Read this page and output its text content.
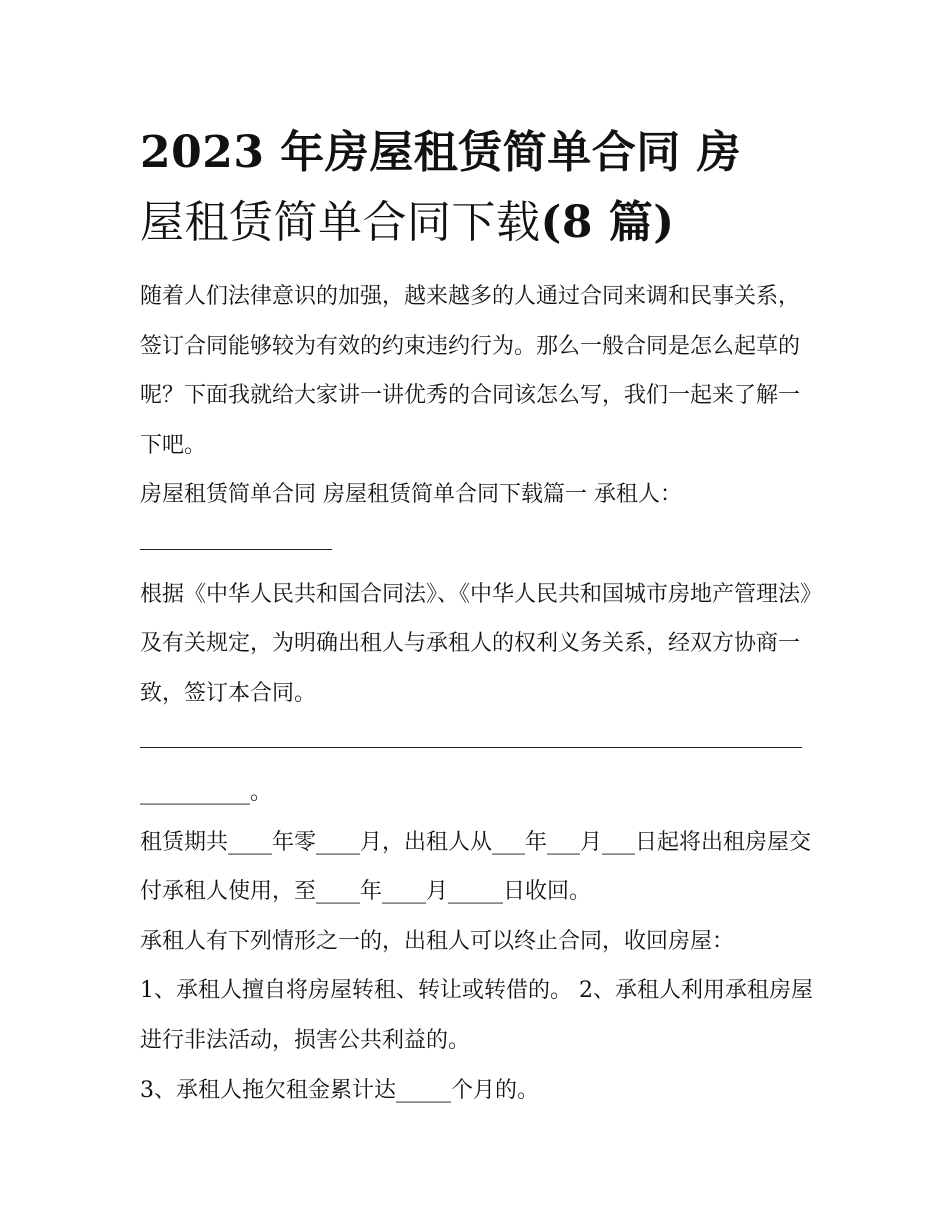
2023 年房屋租赁简单合同 房
屋租赁简单合同下载(8 篇)

随着人们法律意识的加强，越来越多的人通过合同来调和民事关系，签订合同能够较为有效的约束违约行为。那么一般合同是怎么起草的呢？下面我就给大家讲一讲优秀的合同该怎么写，我们一起来了解一下吧。

房屋租赁简单合同 房屋租赁简单合同下载篇一 承租人：

根据《中华人民共和国合同法》、《中华人民共和国城市房地产管理法》及有关规定，为明确出租人与承租人的权利义务关系，经双方协商一致，签订本合同。

__________。

租赁期共____年零____月，出租人从___年___月___日起将出租房屋交付承租人使用，至____年____月_____日收回。

承租人有下列情形之一的，出租人可以终止合同，收回房屋：

1、承租人擅自将房屋转租、转让或转借的。 2、承租人利用承租房屋进行非法活动，损害公共利益的。

3、承租人拖欠租金累计达_____个月的。
